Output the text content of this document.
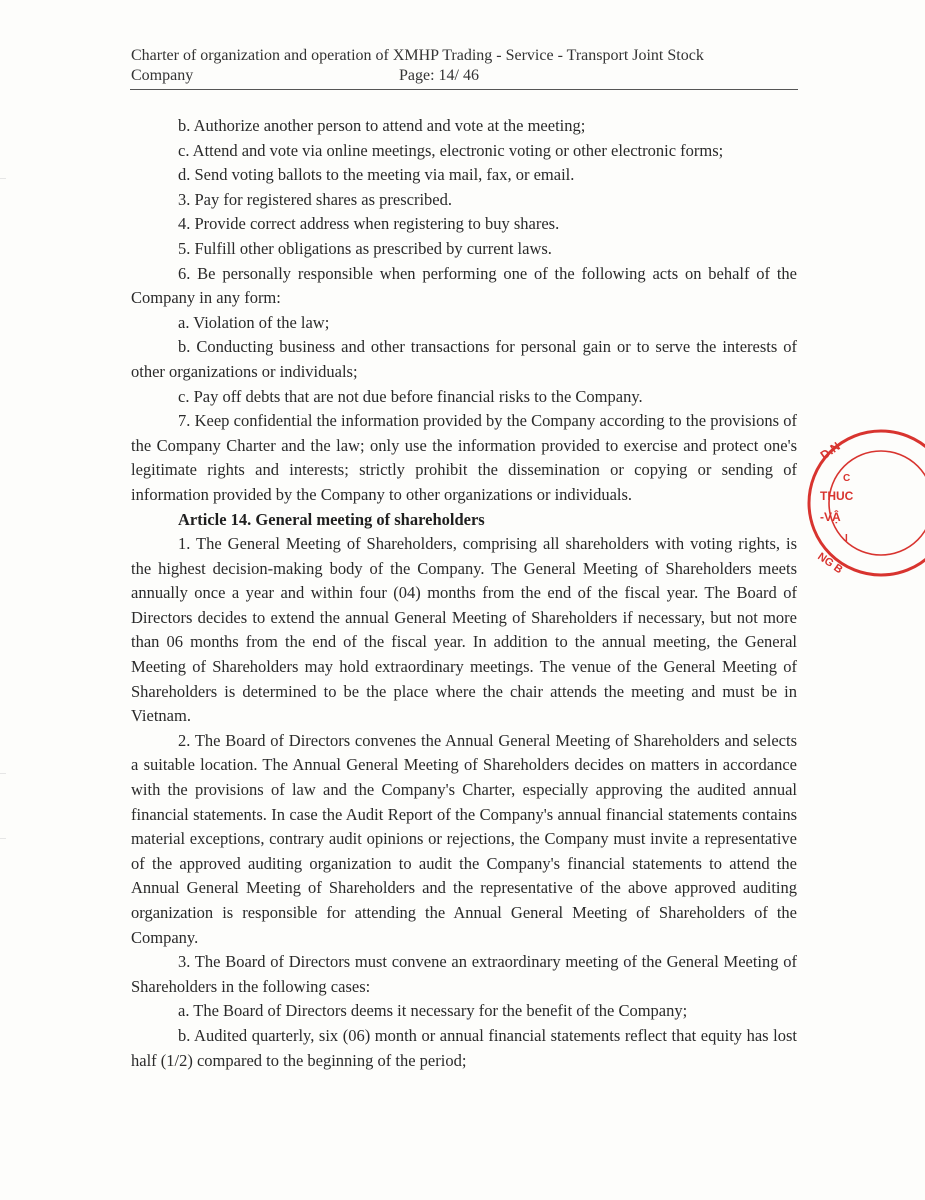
Charter of organization and operation of XMHP Trading - Service - Transport Joint Stock
Company	Page: 14/ 46

b. Authorize another person to attend and vote at the meeting;

c. Attend and vote via online meetings, electronic voting or other electronic forms;

d. Send voting ballots to the meeting via mail, fax, or email.

3. Pay for registered shares as prescribed.

4. Provide correct address when registering to buy shares.

5. Fulfill other obligations as prescribed by current laws.

6. Be personally responsible when performing one of the following acts on behalf of the Company in any form:

a. Violation of the law;

b. Conducting business and other transactions for personal gain or to serve the interests of other organizations or individuals;

c. Pay off debts that are not due before financial risks to the Company.

7. Keep confidential the information provided by the Company according to the provisions of the Company Charter and the law; only use the information provided to exercise and protect one's legitimate rights and interests; strictly prohibit the dissemination or copying or sending of information provided by the Company to other organizations or individuals.

Article 14. General meeting of shareholders

1. The General Meeting of Shareholders, comprising all shareholders with voting rights, is the highest decision-making body of the Company. The General Meeting of Shareholders meets annually once a year and within four (04) months from the end of the fiscal year. The Board of Directors decides to extend the annual General Meeting of Shareholders if necessary, but not more than 06 months from the end of the fiscal year. In addition to the annual meeting, the General Meeting of Shareholders may hold extraordinary meetings. The venue of the General Meeting of Shareholders is determined to be the place where the chair attends the meeting and must be in Vietnam.

2. The Board of Directors convenes the Annual General Meeting of Shareholders and selects a suitable location. The Annual General Meeting of Shareholders decides on matters in accordance with the provisions of law and the Company's Charter, especially approving the audited annual financial statements. In case the Audit Report of the Company's annual financial statements contains material exceptions, contrary audit opinions or rejections, the Company must invite a representative of the approved auditing organization to audit the Company's financial statements to attend the Annual General Meeting of Shareholders and the representative of the above approved auditing organization is responsible for attending the Annual General Meeting of Shareholders of the Company.

3. The Board of Directors must convene an extraordinary meeting of the General Meeting of Shareholders in the following cases:

a. The Board of Directors deems it necessary for the benefit of the Company;

b. Audited quarterly, six (06) month or annual financial statements reflect that equity has lost half (1/2) compared to the beginning of the period;

D.N
C
THUC
-VẬ
I
NG B
